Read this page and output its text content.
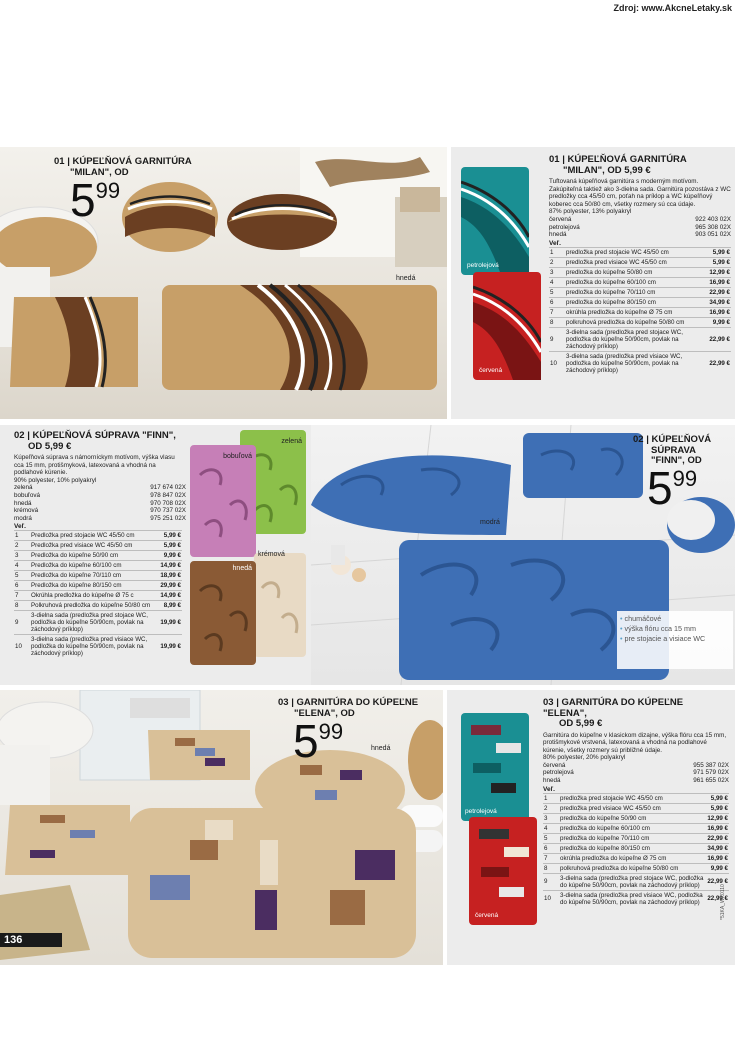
Zdroj: www.AkcneLetaky.sk
01 | KÚPEĽŇOVÁ GARNITÚRA
"MILAN", OD
599
hnedá
petrolejová
červená
01 | KÚPEĽŇOVÁ GARNITÚRA
"MILAN", OD 5,99 €
Tuftovaná kúpeľňová garnitúra s moderným motívom. Zakúpiteľná taktiež ako 3-dielna sada. Garnitúra pozostáva z WC predložky cca 45/50 cm, poťah na príklop a WC kúpeľňový koberec cca 50/80 cm, všetky rozmery sú cca údaje.
87% polyester, 13% polyakryl
červená	922 403 02X
petrolejová	965 308 02X
hnedá	903 051 02X
Veľ.
1	predložka pred stojacie WC 45/50 cm	5,99 €
2	predložka pred visiace WC 45/50 cm	5,99 €
3	predložka do kúpeľne 50/80 cm	12,99 €
4	predložka do kúpeľne 60/100 cm	16,99 €
5	predložka do kúpeľne 70/110 cm	22,99 €
6	predložka do kúpeľne 80/150 cm	34,99 €
7	okrúhla predložka do kúpeľne Ø 75 cm	16,99 €
8	polkruhová predložka do kúpeľne 50/80 cm	9,99 €
9	3-dielna sada (predložka pred stojace WC, podložka do kúpeľne 50/90cm, povlak na záchodový príklop)	22,99 €
10	3-dielna sada (predložka pred visiace WC, podložka do kúpeľne 50/90cm, povlak na záchodový príklop)	22,99 €
02 | KÚPEĽŇOVÁ SÚPRAVA "FINN",
OD 5,99 €
Kúpeľňová súprava s námorníckym motívom, výška vlasu cca 15 mm, protišmyková, latexovaná a vhodná na podlahové kúrenie.
90% polyester, 10% polyakryl
zelená	917 674 02X
bobuľová	978 847 02X
hnedá	970 708 02X
krémová	970 737 02X
modrá	975 251 02X
Veľ.
1	Predložka pred stojacie WC 45/50 cm	5,99 €
2	Predložka pred visiace WC 45/50 cm	5,99 €
3	Predložka do kúpeľne 50/90 cm	9,99 €
4	Predložka do kúpeľne 60/100 cm	14,99 €
5	Predložka do kúpeľne 70/110 cm	18,99 €
6	Predložka do kúpeľne 80/150 cm	29,99 €
7	Okrúhla predložka do kúpeľne Ø 75 c	14,99 €
8	Polkruhová predložka do kúpeľne 50/80 cm	8,99 €
9	3-dielna sada (predložka pred stojace WC, podložka do kúpeľne 50/90cm, povlak na záchodový príklop)	19,99 €
10	3-dielna sada (predložka pred visiace WC, podložka do kúpeľne 50/90cm, povlak na záchodový príklop)	19,99 €
zelená
bobuľová
krémová
hnedá
02 | KÚPEĽŇOVÁ
SÚPRAVA
"FINN", OD
599
modrá
• chumáčové
• výška flóru cca 15 mm
• pre stojacie a visiace WC
03 | GARNITÚRA DO KÚPEĽNE
"ELENA", OD
599
hnedá
petrolejová
červená
03 | GARNITÚRA DO KÚPEĽNE "ELENA",
OD 5,99 €
Garnitúra do kúpeľne v klasickom dizajne, výška flóru cca 15 mm, protišmykové vrstvená, latexovaná a vhodná na podlahové kúrenie, všetky rozmery sú približné údaje.
80% polyester, 20% polyakryl
červená	955 387 02X
petrolejová	971 579 02X
hnedá	961 655 02X
Veľ.
1	predložka pred stojacie WC 45/50 cm	5,99 €
2	predložka pred visiace WC 45/50 cm	5,99 €
3	predložka do kúpeľne 50/90 cm	12,99 €
4	predložka do kúpeľne 60/100 cm	16,99 €
5	predložka do kúpeľne 70/110 cm	22,99 €
6	predložka do kúpeľne 80/150 cm	34,99 €
7	okrúhla predložka do kúpeľne Ø 75 cm	16,99 €
8	polkruhová predložka do kúpeľne 50/80 cm	9,99 €
9	3-dielna sada (predložka pred stojace WC, podložka do kúpeľne 50/90cm, povlak na záchodový príklop)	22,99 €
10	3-dielna sada (predložka pred visiace WC, podložka do kúpeľne 50/90cm, povlak na záchodový príklop)	22,99 €
136
*51KA_WK0110
